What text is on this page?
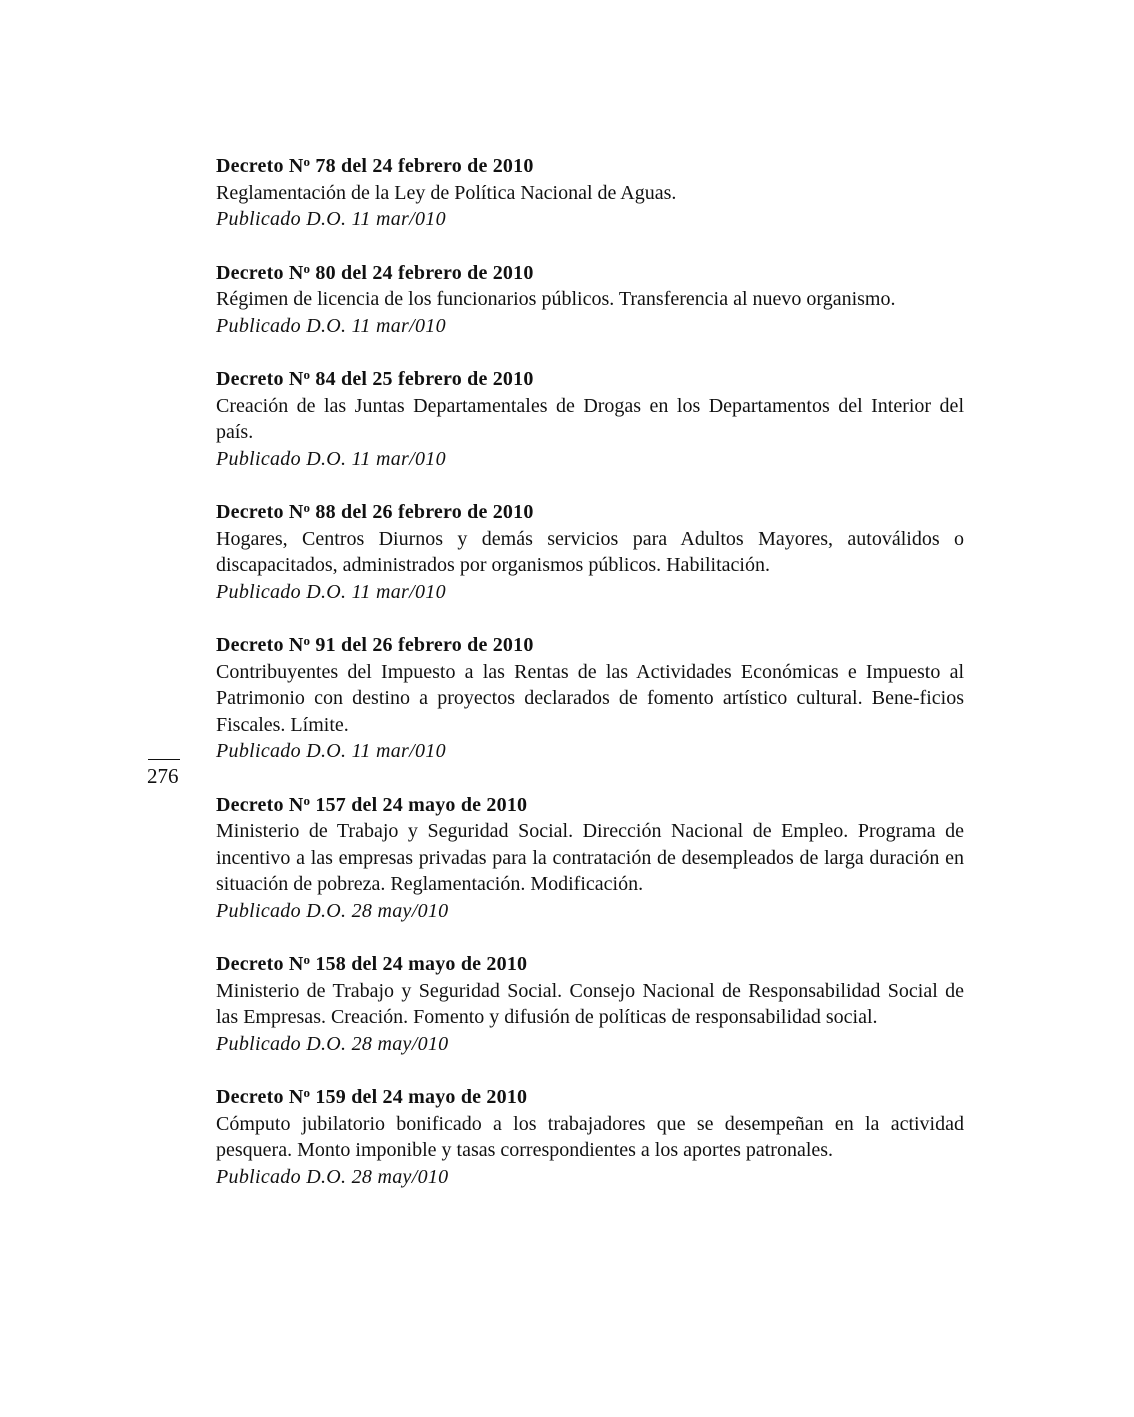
Decreto $N^o$ 78 del 24 febrero de 2010

Reglamentación de la Ley de Política Nacional de Aguas.

Publicado D.O. 11 mar/010

Decreto $N^o$ 80 del 24 febrero de 2010

Régimen de licencia de los funcionarios públicos. Transferencia al nuevo organismo.

Publicado D.O. 11 mar/010

Decreto $N^o$ 84 del 25 febrero de 2010

Creación de las Juntas Departamentales de Drogas en los Departamentos del Interior del país.

Publicado D.O. 11 mar/010

Decreto $N^o$ 88 del 26 febrero de 2010

Hogares, Centros Diurnos y demás servicios para Adultos Mayores, autoválidos o discapacitados, administrados por organismos públicos. Habilitación.

Publicado D.O. 11 mar/010

Decreto $N^o$ 91 del 26 febrero de 2010

Contribuyentes del Impuesto a las Rentas de las Actividades Económicas e Impuesto al Patrimonio con destino a proyectos declarados de fomento artístico cultural. Bene-ficios Fiscales. Límite.

Publicado D.O. 11 mar/010

Decreto $N^o$ 157 del 24 mayo de 2010

Ministerio de Trabajo y Seguridad Social. Dirección Nacional de Empleo. Programa de incentivo a las empresas privadas para la contratación de desempleados de larga duración en situación de pobreza. Reglamentación. Modificación.

Publicado D.O. 28 may/010

Decreto $N^o$ 158 del 24 mayo de 2010

Ministerio de Trabajo y Seguridad Social. Consejo Nacional de Responsabilidad Social de las Empresas. Creación. Fomento y difusión de políticas de responsabilidad social.

Publicado D.O. 28 may/010

Decreto $N^o$ 159 del 24 mayo de 2010

Cómputo jubilatorio bonificado a los trabajadores que se desempeñan en la actividad pesquera. Monto imponible y tasas correspondientes a los aportes patronales.

Publicado D.O. 28 may/010

276
